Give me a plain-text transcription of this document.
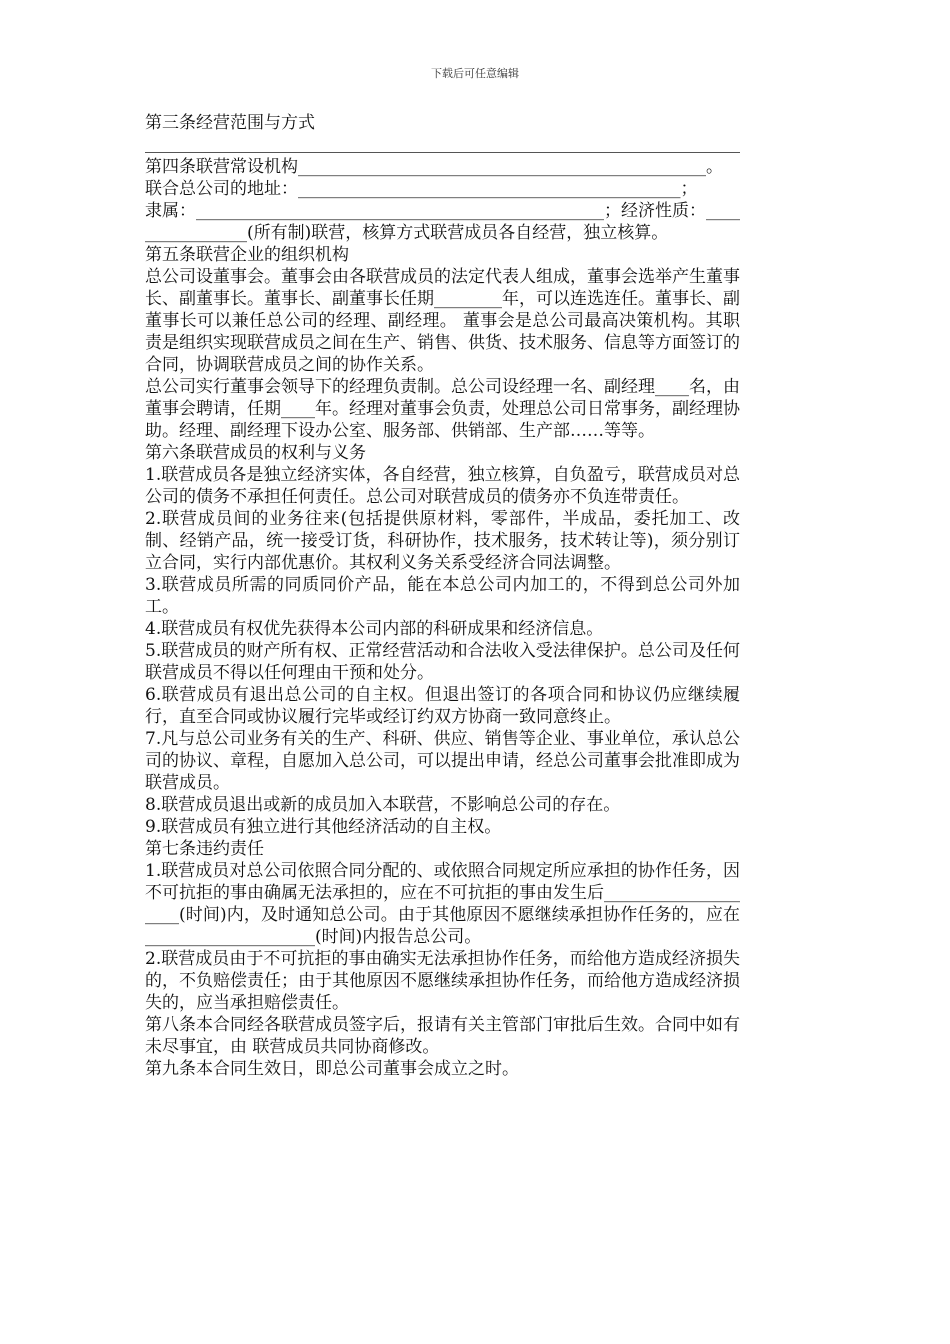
下载后可任意编辑

第三条经营范围与方式

第四条联营常设机构________________________________________________。

联合总公司的地址：_____________________________________________；

隶属：________________________________________________；经济性质：________________(所有制)联营，核算方式联营成员各自经营，独立核算。

第五条联营企业的组织机构

总公司设董事会。董事会由各联营成员的法定代表人组成，董事会选举产生董事长、副董事长。董事长、副董事长任期________年，可以连选连任。董事长、副董事长可以兼任总公司的经理、副经理。 董事会是总公司最高决策机构。其职责是组织实现联营成员之间在生产、销售、供货、技术服务、信息等方面签订的合同，协调联营成员之间的协作关系。

总公司实行董事会领导下的经理负责制。总公司设经理一名、副经理____名，由董事会聘请，任期____年。经理对董事会负责，处理总公司日常事务，副经理协助。经理、副经理下设办公室、服务部、供销部、生产部……等等。

第六条联营成员的权利与义务

1.联营成员各是独立经济实体，各自经营，独立核算，自负盈亏，联营成员对总公司的债务不承担任何责任。总公司对联营成员的债务亦不负连带责任。

2.联营成员间的业务往来(包括提供原材料，零部件，半成品，委托加工、改制、经销产品，统一接受订货，科研协作，技术服务，技术转让等)，须分别订立合同，实行内部优惠价。其权利义务关系受经济合同法调整。

3.联营成员所需的同质同价产品，能在本总公司内加工的，不得到总公司外加工。

4.联营成员有权优先获得本公司内部的科研成果和经济信息。

5.联营成员的财产所有权、正常经营活动和合法收入受法律保护。总公司及任何联营成员不得以任何理由干预和处分。

6.联营成员有退出总公司的自主权。但退出签订的各项合同和协议仍应继续履行，直至合同或协议履行完毕或经订约双方协商一致同意终止。

7.凡与总公司业务有关的生产、科研、供应、销售等企业、事业单位，承认总公司的协议、章程，自愿加入总公司，可以提出申请，经总公司董事会批准即成为联营成员。

8.联营成员退出或新的成员加入本联营，不影响总公司的存在。

9.联营成员有独立进行其他经济活动的自主权。

第七条违约责任

1.联营成员对总公司依照合同分配的、或依照合同规定所应承担的协作任务，因不可抗拒的事由确属无法承担的，应在不可抗拒的事由发生后____________________(时间)内，及时通知总公司。由于其他原因不愿继续承担协作任务的，应在____________________(时间)内报告总公司。

2.联营成员由于不可抗拒的事由确实无法承担协作任务，而给他方造成经济损失的，不负赔偿责任；由于其他原因不愿继续承担协作任务，而给他方造成经济损失的，应当承担赔偿责任。

第八条本合同经各联营成员签字后，报请有关主管部门审批后生效。合同中如有未尽事宜，由 联营成员共同协商修改。

第九条本合同生效日，即总公司董事会成立之时。
